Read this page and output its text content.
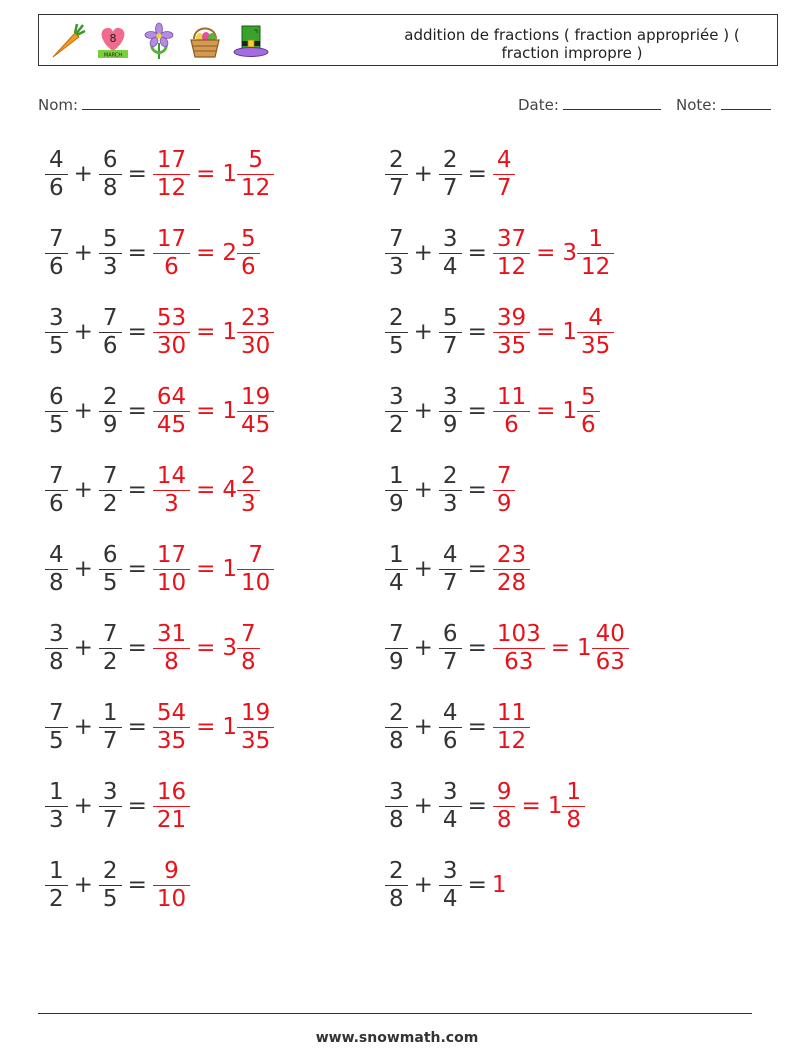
8
MARCH
addition de fractions ( fraction appropriée ) ( fraction impropre )
Nom:	Date:	Note:
$\frac{4}{6} + \frac{6}{8} = \frac{17}{12} = 1 \frac{5}{12}$	$\frac{2}{7} + \frac{2}{7} = \frac{4}{7}$
$\frac{7}{6} + \frac{5}{3} = \frac{17}{6} = 2 \frac{5}{6}$	$\frac{7}{3} + \frac{3}{4} = \frac{37}{12} = 3 \frac{1}{12}$
$\frac{3}{5} + \frac{7}{6} = \frac{53}{30} = 1 \frac{23}{30}$	$\frac{2}{5} + \frac{5}{7} = \frac{39}{35} = 1 \frac{4}{35}$
$\frac{6}{5} + \frac{2}{9} = \frac{64}{45} = 1 \frac{19}{45}$	$\frac{3}{2} + \frac{3}{9} = \frac{11}{6} = 1 \frac{5}{6}$
$\frac{7}{6} + \frac{7}{2} = \frac{14}{3} = 4 \frac{2}{3}$	$\frac{1}{9} + \frac{2}{3} = \frac{7}{9}$
$\frac{4}{8} + \frac{6}{5} = \frac{17}{10} = 1 \frac{7}{10}$	$\frac{1}{4} + \frac{4}{7} = \frac{23}{28}$
$\frac{3}{8} + \frac{7}{2} = \frac{31}{8} = 3 \frac{7}{8}$	$\frac{7}{9} + \frac{6}{7} = \frac{103}{63} = 1 \frac{40}{63}$
$\frac{7}{5} + \frac{1}{7} = \frac{54}{35} = 1 \frac{19}{35}$	$\frac{2}{8} + \frac{4}{6} = \frac{11}{12}$
$\frac{1}{3} + \frac{3}{7} = \frac{16}{21}$	$\frac{3}{8} + \frac{3}{4} = \frac{9}{8} = 1 \frac{1}{8}$
$\frac{1}{2} + \frac{2}{5} = \frac{9}{10}$	$\frac{2}{8} + \frac{3}{4} = 1$
www.snowmath.com
